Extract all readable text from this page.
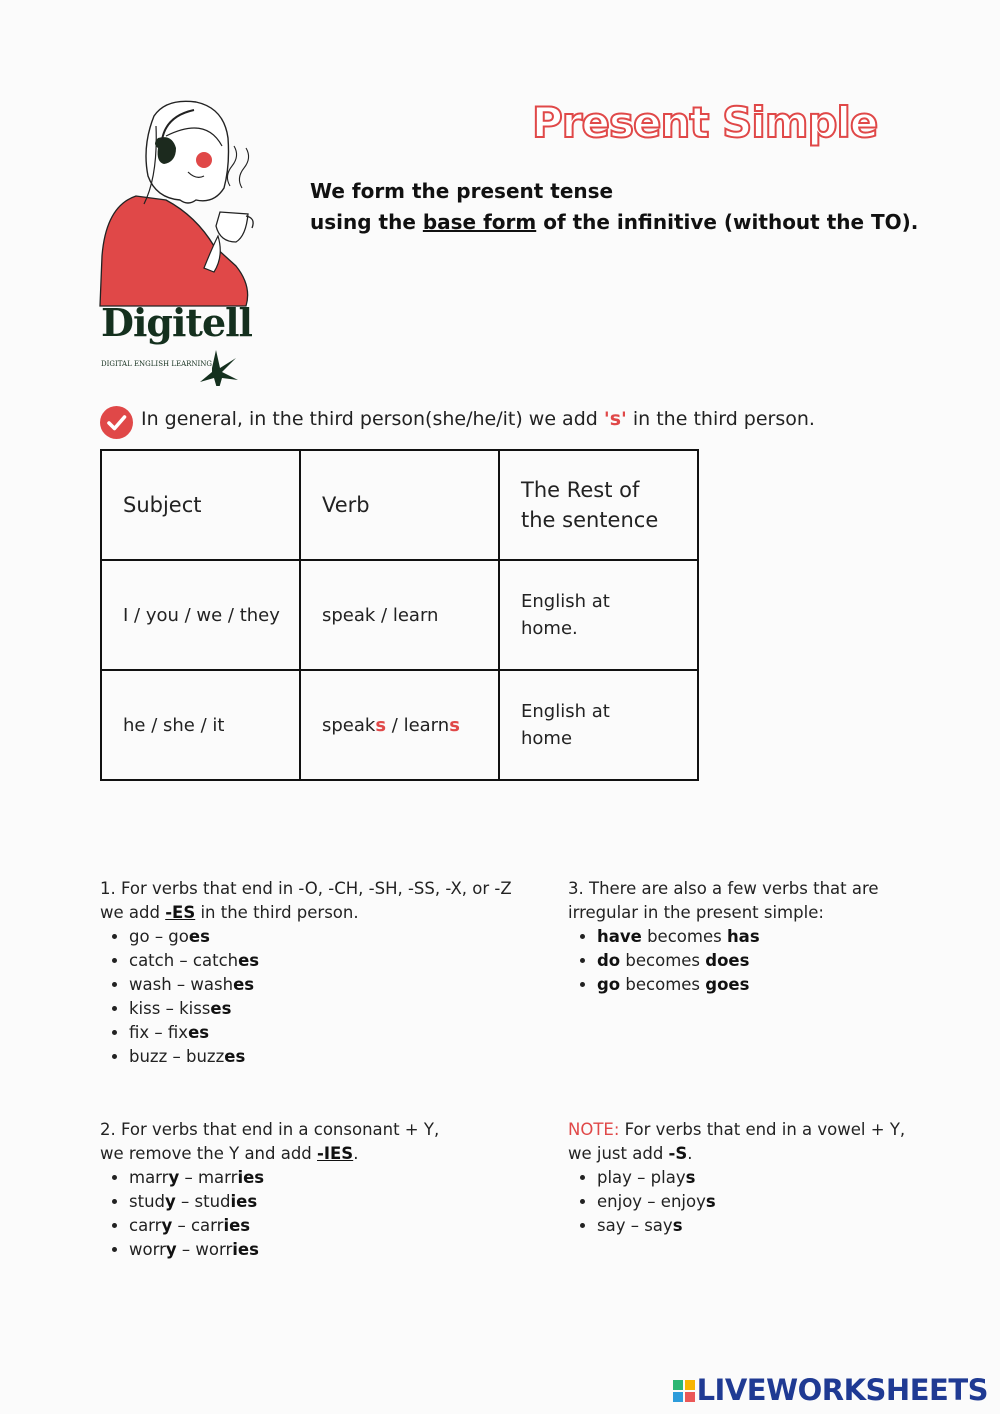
Digitell
DIGITAL ENGLISH LEARNING
Present Simple
We form the present tense
using the base form of the infinitive (without the TO).
In general, in the third person(she/he/it) we add 's' in the third person.
Subject	Verb	The Rest of the sentence

I / you / we / they	speak / learn	English at home.

he / she / it	speaks / learns	English at home
1. For verbs that end in -O, -CH, -SH, -SS, -X, or -Z
we add -ES in the third person.
• go – goes
• catch – catches
• wash – washes
• kiss – kisses
• fix – fixes
• buzz – buzzes
3. There are also a few verbs that are
irregular in the present simple:
• have becomes has
• do becomes does
• go becomes goes
2. For verbs that end in a consonant + Y,
we remove the Y and add -IES.
• marry – marries
• study – studies
• carry – carries
• worry – worries
NOTE: For verbs that end in a vowel + Y,
we just add -S.
• play – plays
• enjoy – enjoys
• say – says
LIVEWORKSHEETS
